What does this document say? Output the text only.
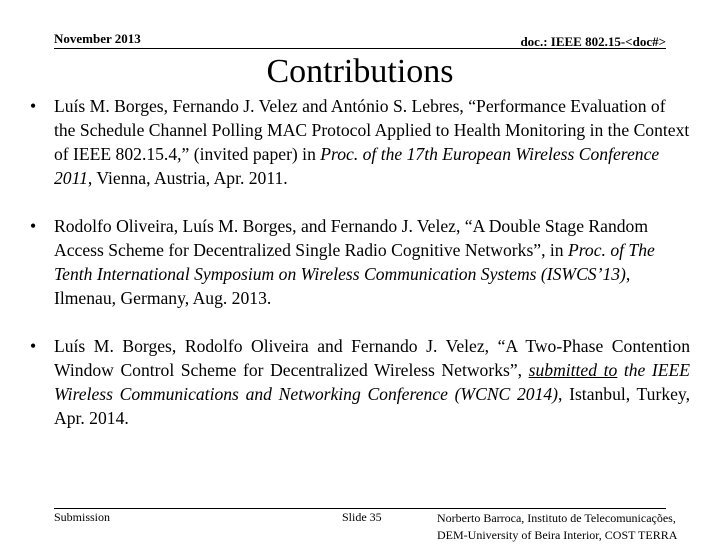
November 2013	doc.: IEEE 802.15-<doc#>
Contributions
• Luís M. Borges, Fernando J. Velez and António S. Lebres, “Performance Evaluation of the Schedule Channel Polling MAC Protocol Applied to Health Monitoring in the Context of IEEE 802.15.4,” (invited paper) in Proc. of the 17th European Wireless Conference 2011, Vienna, Austria, Apr. 2011.
• Rodolfo Oliveira, Luís M. Borges, and Fernando J. Velez, “A Double Stage Random Access Scheme for Decentralized Single Radio Cognitive Networks”, in Proc. of The Tenth International Symposium on Wireless Communication Systems (ISWCS’13), Ilmenau, Germany, Aug. 2013.
• Luís M. Borges, Rodolfo Oliveira and Fernando J. Velez, “A Two-Phase Contention Window Control Scheme for Decentralized Wireless Networks”, submitted to the IEEE Wireless Communications and Networking Conference (WCNC 2014), Istanbul, Turkey, Apr. 2014.
Submission	Slide 35	Norberto Barroca, Instituto de Telecomunicações,
DEM-University of Beira Interior, COST TERRA
